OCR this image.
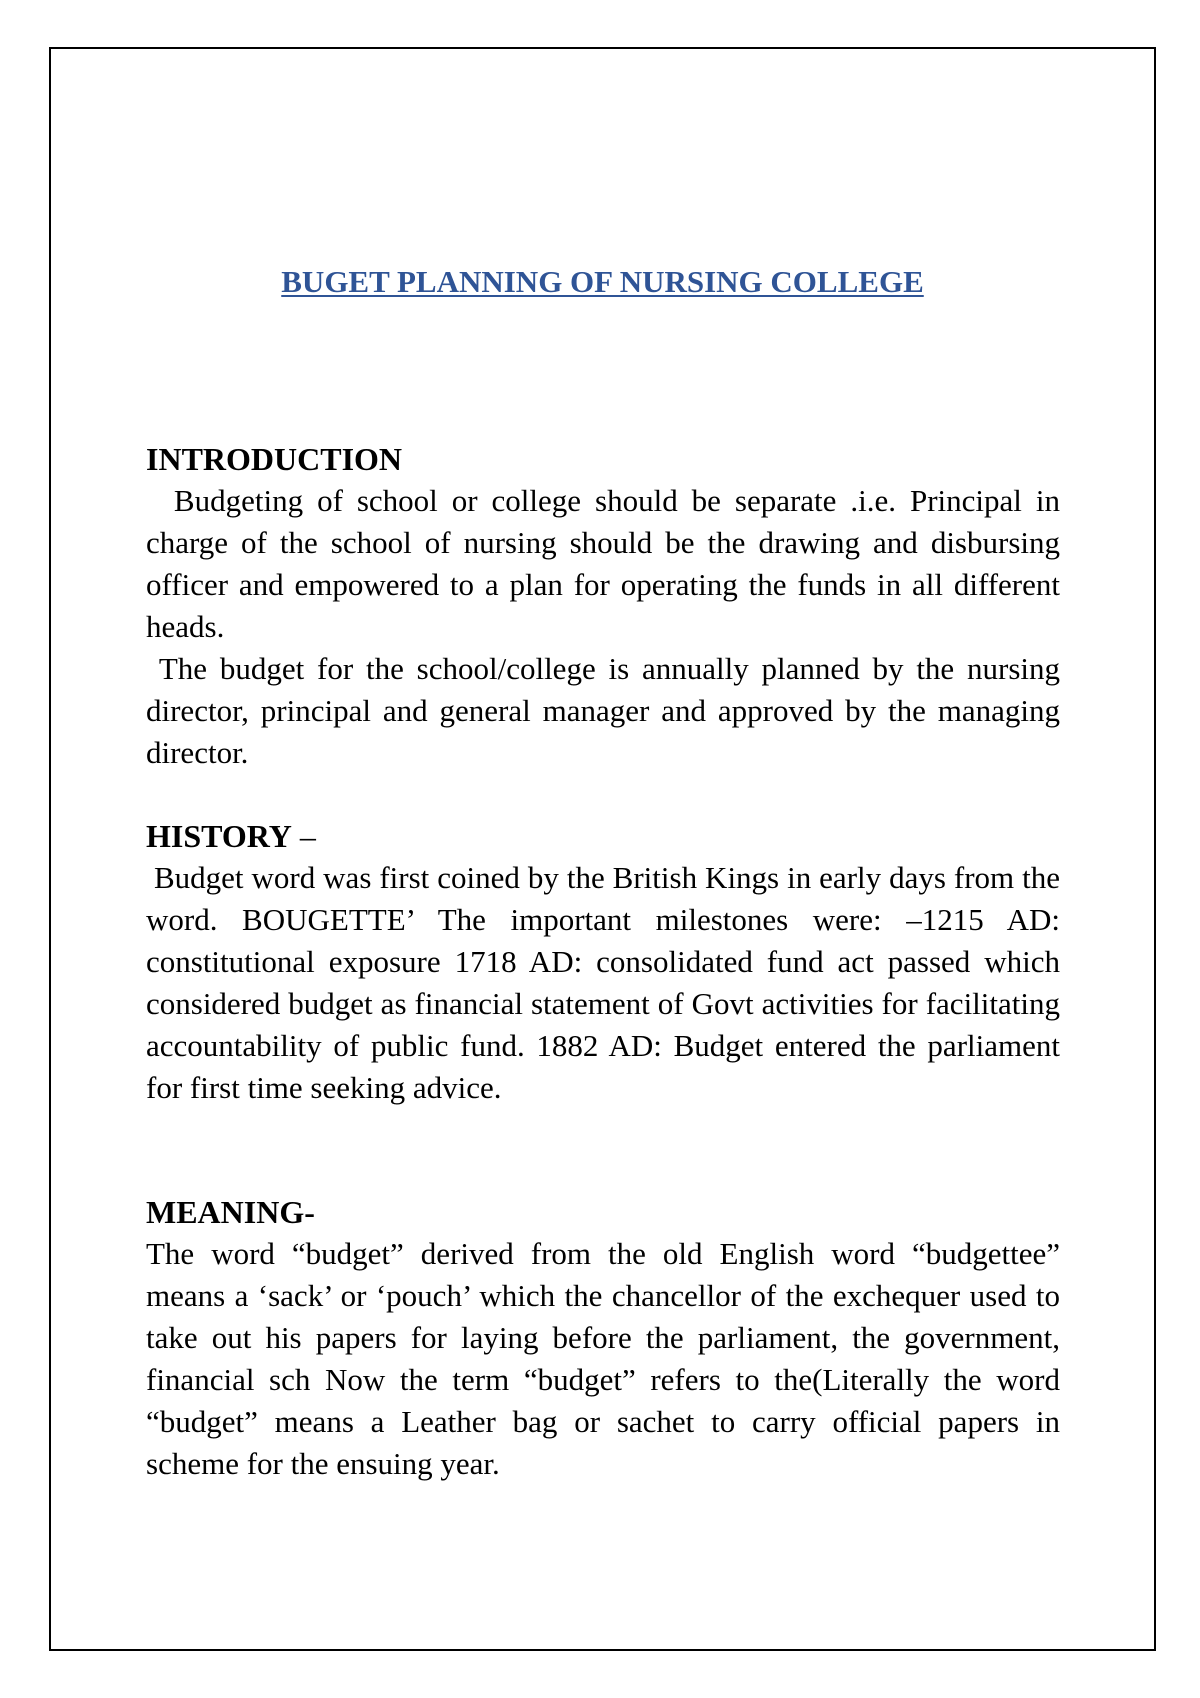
BUGET PLANNING OF NURSING COLLEGE
INTRODUCTION

Budgeting of school or college should be separate .i.e. Principal in charge of the school of nursing should be the drawing and disbursing officer and empowered to a plan for operating the funds in all different heads.

The budget for the school/college is annually planned by the nursing director, principal and general manager and approved by the managing director.

HISTORY –

Budget word was first coined by the British Kings in early days from the word. BOUGETTE’ The important milestones were: –1215 AD: constitutional exposure 1718 AD: consolidated fund act passed which considered budget as financial statement of Govt activities for facilitating accountability of public fund. 1882 AD: Budget entered the parliament for first time seeking advice.

MEANING-

The word “budget” derived from the old English word “budgettee” means a ‘sack’ or ‘pouch’ which the chancellor of the exchequer used to take out his papers for laying before the parliament, the government, financial sch Now the term “budget” refers to the(Literally the word “budget” means a Leather bag or sachet to carry official papers in scheme for the ensuing year.
